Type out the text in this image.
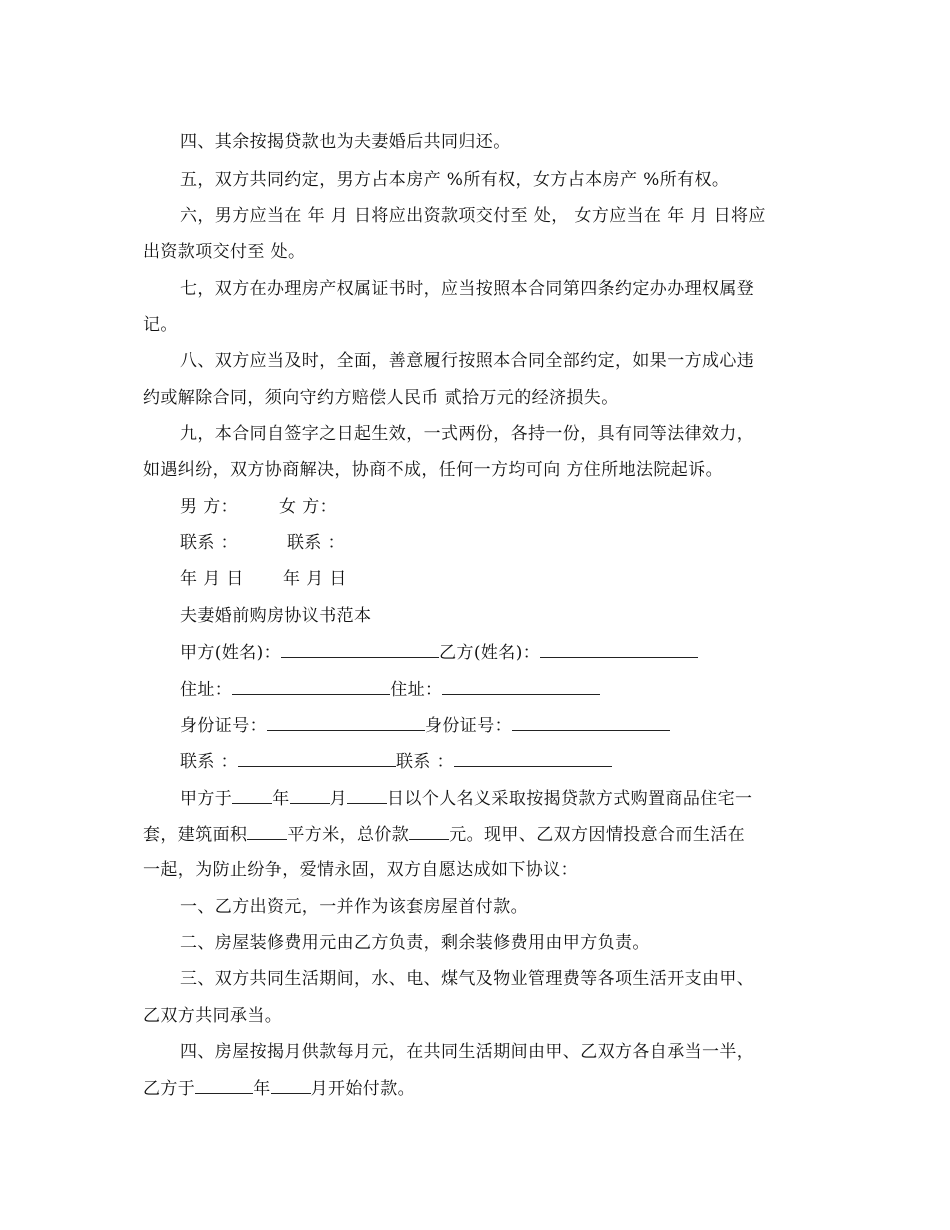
四、其余按揭贷款也为夫妻婚后共同归还。
五，双方共同约定，男方占本房产 %所有权，女方占本房产 %所有权。
六，男方应当在 年 月 日将应出资款项交付至 处， 女方应当在 年 月 日将应
出资款项交付至 处。
七，双方在办理房产权属证书时，应当按照本合同第四条约定办办理权属登
记。
八、双方应当及时，全面，善意履行按照本合同全部约定，如果一方成心违
约或解除合同，须向守约方赔偿人民币 贰拾万元的经济损失。
九，本合同自签字之日起生效，一式两份，各持一份，具有同等法律效力，
如遇纠纷，双方协商解决，协商不成，任何一方均可向 方住所地法院起诉。
男 方： 女 方：
联系 ：	联系 ：
年 月 日 年 月 日
夫妻婚前购房协议书范本
甲方(姓名)：	乙方(姓名)：
住址：	住址：
身份证号：	身份证号：
联系 ：	联系 ：
甲方于 年 月 日以个人名义采取按揭贷款方式购置商品住宅一
套，建筑面积 平方米，总价款 元。现甲、乙双方因情投意合而生活在
一起，为防止纷争，爱情永固，双方自愿达成如下协议：
一、乙方出资元，一并作为该套房屋首付款。
二、房屋装修费用元由乙方负责，剩余装修费用由甲方负责。
三、双方共同生活期间，水、电、煤气及物业管理费等各项生活开支由甲、
乙双方共同承当。
四、房屋按揭月供款每月元，在共同生活期间由甲、乙双方各自承当一半，
乙方于	年 月开始付款。
